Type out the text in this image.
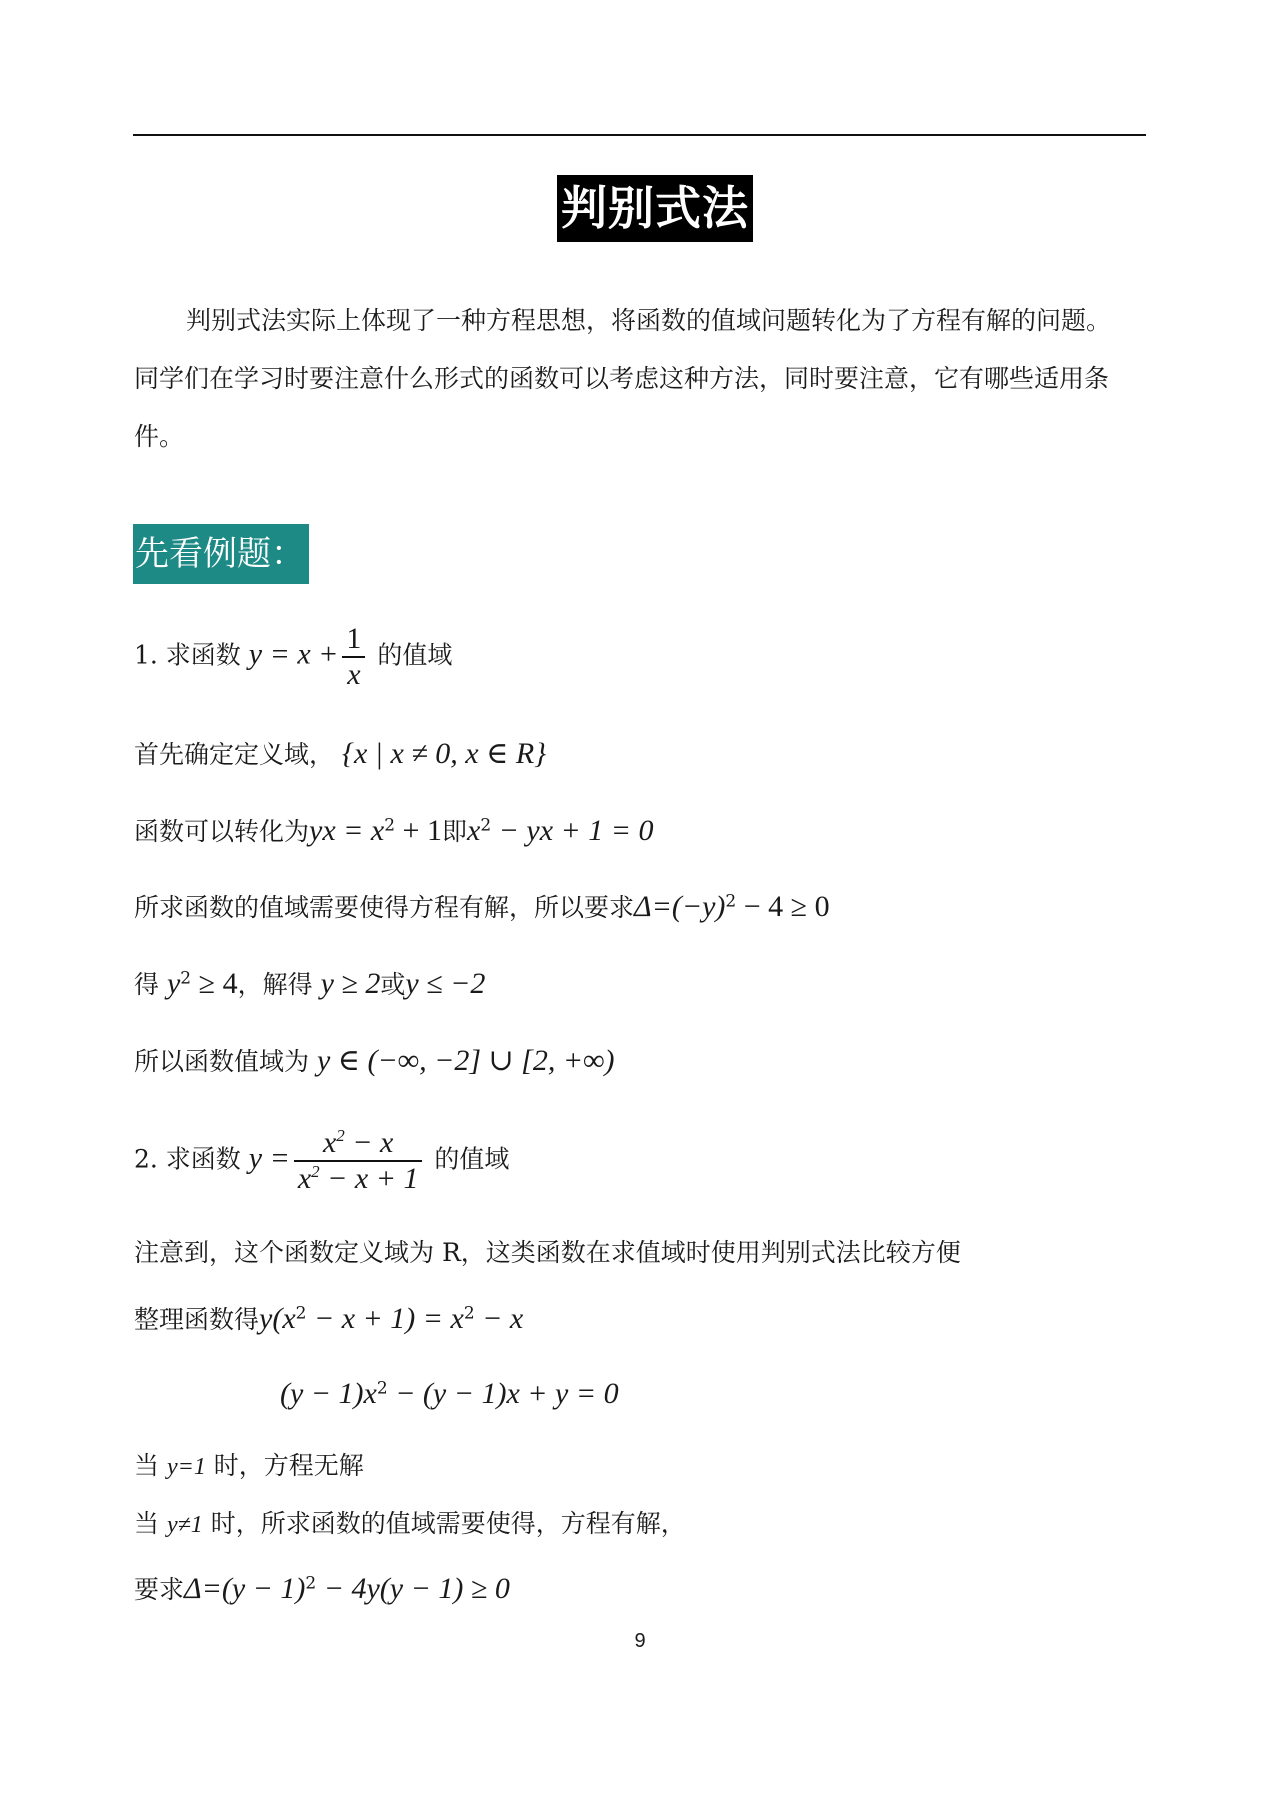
判别式法
判别式法实际上体现了一种方程思想，将函数的值域问题转化为了方程有解的问题。
同学们在学习时要注意什么形式的函数可以考虑这种方法，同时要注意，它有哪些适用条
件。
先看例题：
1. 求函数 $y = x + \frac{1}{x}$ 的值域
首先确定定义域， {x | x ≠ 0, x ∈ R}
函数可以转化为yx = $x^2 + 1$即$x^2$ − yx + 1 = 0
所求函数的值域需要使得方程有解，所以要求$\Delta=(-y)^2 - 4 \ge 0$
得 $y^2 \ge 4$，解得 y ≥ 2或y ≤ −2
所以函数值域为 y ∈ (−∞, −2] ∪ [2, +∞)
2. 求函数 $y = \frac{x^2 - x}{x^2 - x + 1}$ 的值域
注意到，这个函数定义域为 R，这类函数在求值域时使用判别式法比较方便
整理函数得$y(x^2 - x + 1) = x^2 - x$
$(y - 1)x^2 - (y - 1)x + y = 0$
当 y=1 时，方程无解
当 y≠1 时，所求函数的值域需要使得，方程有解，
要求$\Delta=(y - 1)^2 - 4y(y - 1) \ge 0$
9
